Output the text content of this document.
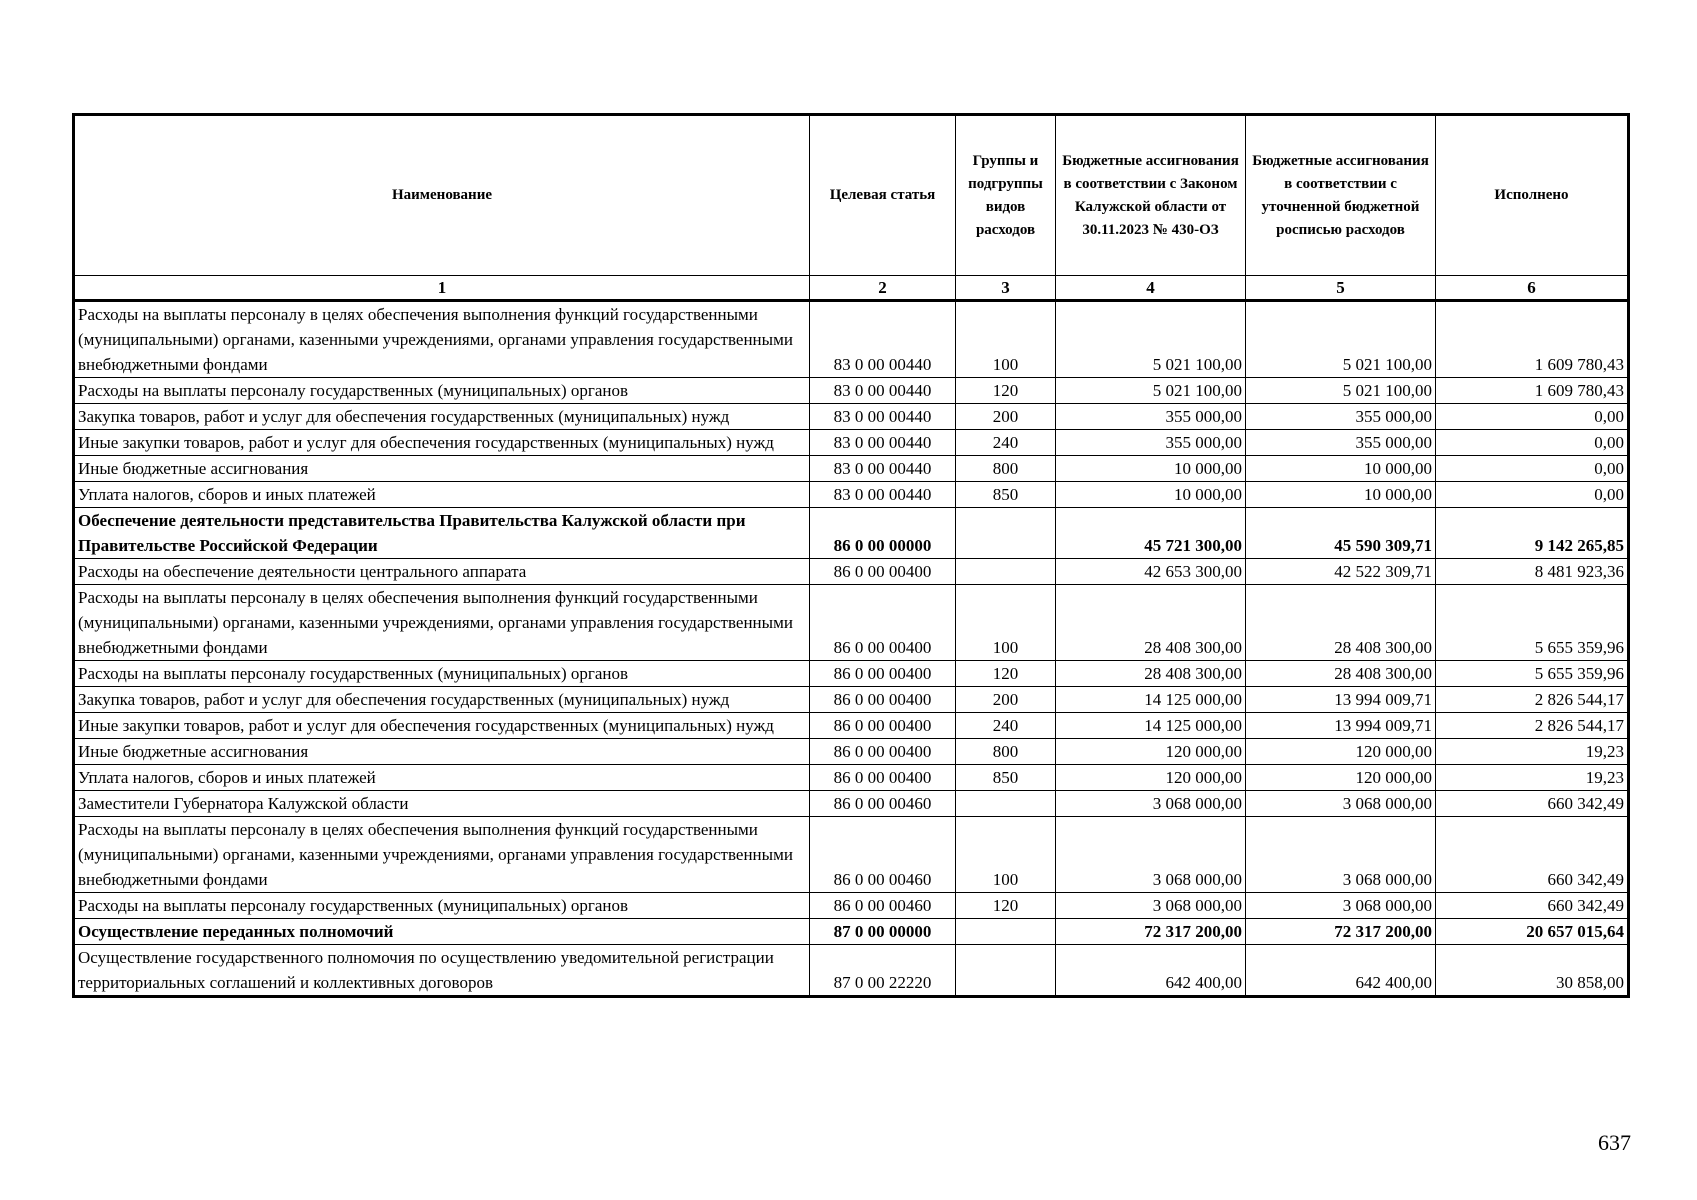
Наименование	Целевая статья	Группы и подгруппы видов расходов	Бюджетные ассигнования в соответствии с Законом Калужской области от 30.11.2023 № 430-ОЗ	Бюджетные ассигнования в соответствии с уточненной бюджетной росписью расходов	Исполнено
1	2	3	4	5	6
Расходы на выплаты персоналу в целях обеспечения выполнения функций государственными (муниципальными) органами, казенными учреждениями, органами управления государственными внебюджетными фондами	83 0 00 00440	100	5 021 100,00	5 021 100,00	1 609 780,43
Расходы на выплаты персоналу государственных (муниципальных) органов	83 0 00 00440	120	5 021 100,00	5 021 100,00	1 609 780,43
Закупка товаров, работ и услуг для обеспечения государственных (муниципальных) нужд	83 0 00 00440	200	355 000,00	355 000,00	0,00
Иные закупки товаров, работ и услуг для обеспечения государственных (муниципальных) нужд	83 0 00 00440	240	355 000,00	355 000,00	0,00
Иные бюджетные ассигнования	83 0 00 00440	800	10 000,00	10 000,00	0,00
Уплата налогов, сборов и иных платежей	83 0 00 00440	850	10 000,00	10 000,00	0,00
Обеспечение деятельности представительства Правительства Калужской области при Правительстве Российской Федерации	86 0 00 00000		45 721 300,00	45 590 309,71	9 142 265,85
Расходы на обеспечение деятельности центрального аппарата	86 0 00 00400		42 653 300,00	42 522 309,71	8 481 923,36
Расходы на выплаты персоналу в целях обеспечения выполнения функций государственными (муниципальными) органами, казенными учреждениями, органами управления государственными внебюджетными фондами	86 0 00 00400	100	28 408 300,00	28 408 300,00	5 655 359,96
Расходы на выплаты персоналу государственных (муниципальных) органов	86 0 00 00400	120	28 408 300,00	28 408 300,00	5 655 359,96
Закупка товаров, работ и услуг для обеспечения государственных (муниципальных) нужд	86 0 00 00400	200	14 125 000,00	13 994 009,71	2 826 544,17
Иные закупки товаров, работ и услуг для обеспечения государственных (муниципальных) нужд	86 0 00 00400	240	14 125 000,00	13 994 009,71	2 826 544,17
Иные бюджетные ассигнования	86 0 00 00400	800	120 000,00	120 000,00	19,23
Уплата налогов, сборов и иных платежей	86 0 00 00400	850	120 000,00	120 000,00	19,23
Заместители Губернатора Калужской области	86 0 00 00460		3 068 000,00	3 068 000,00	660 342,49
Расходы на выплаты персоналу в целях обеспечения выполнения функций государственными (муниципальными) органами, казенными учреждениями, органами управления государственными внебюджетными фондами	86 0 00 00460	100	3 068 000,00	3 068 000,00	660 342,49
Расходы на выплаты персоналу государственных (муниципальных) органов	86 0 00 00460	120	3 068 000,00	3 068 000,00	660 342,49
Осуществление переданных полномочий	87 0 00 00000		72 317 200,00	72 317 200,00	20 657 015,64
Осуществление государственного полномочия по осуществлению уведомительной регистрации территориальных соглашений и коллективных договоров	87 0 00 22220		642 400,00	642 400,00	30 858,00
637
